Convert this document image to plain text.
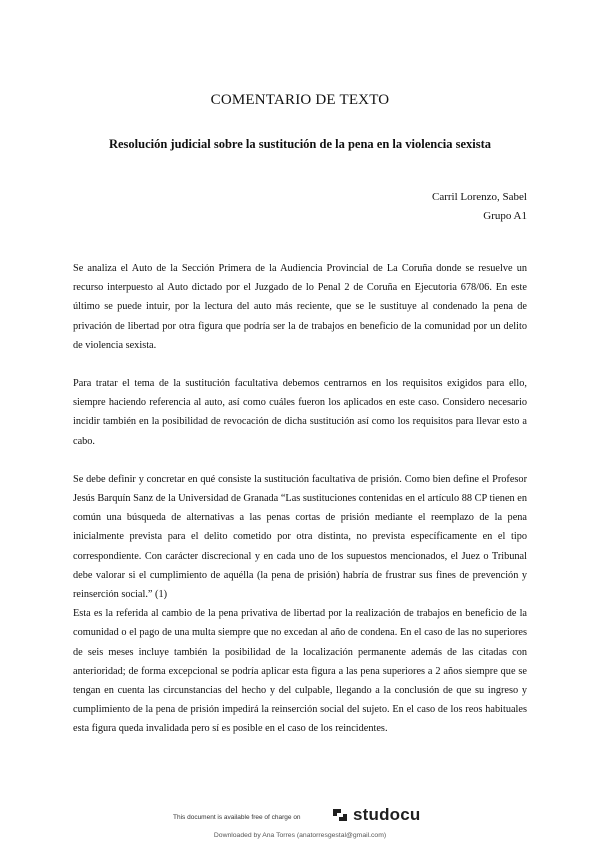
COMENTARIO DE TEXTO
Resolución judicial sobre la sustitución de la pena en la violencia sexista
Carril Lorenzo, Sabel
Grupo A1

Se analiza el Auto de la Sección Primera de la Audiencia Provincial de La Coruña donde se resuelve un recurso interpuesto al Auto dictado por el Juzgado de lo Penal 2 de Coruña en Ejecutoria 678/06. En este último se puede intuir, por la lectura del auto más reciente, que se le sustituye al condenado la pena de privación de libertad por otra figura que podría ser la de trabajos en beneficio de la comunidad por un delito de violencia sexista.

Para tratar el tema de la sustitución facultativa debemos centrarnos en los requisitos exigidos para ello, siempre haciendo referencia al auto, así como cuáles fueron los aplicados en este caso. Considero necesario incidir también en la posibilidad de revocación de dicha sustitución así como los requisitos para llevar esto a cabo.

Se debe definir y concretar en qué consiste la sustitución facultativa de prisión. Como bien define el Profesor Jesús Barquín Sanz de la Universidad de Granada “Las sustituciones contenidas en el artículo 88 CP tienen en común una búsqueda de alternativas a las penas cortas de prisión mediante el reemplazo de la pena inicialmente prevista para el delito cometido por otra distinta, no prevista específicamente en el tipo correspondiente. Con carácter discrecional y en cada uno de los supuestos mencionados, el Juez o Tribunal debe valorar si el cumplimiento de aquélla (la pena de prisión) habría de frustrar sus fines de prevención y reinserción social.” (1)

Esta es la referida al cambio de la pena privativa de libertad por la realización de trabajos en beneficio de la comunidad o el pago de una multa siempre que no excedan al año de condena. En el caso de las no superiores de seis meses incluye también la posibilidad de la localización permanente además de las citadas con anterioridad; de forma excepcional se podría aplicar esta figura a las pena superiores a 2 años siempre que se tengan en cuenta las circunstancias del hecho y del culpable, llegando a la conclusión de que su ingreso y cumplimiento de la pena de prisión impedirá la reinserción social del sujeto. En el caso de los reos habituales esta figura queda invalidada pero sí es posible en el caso de los reincidentes.

This document is available free of charge on	studocu
Downloaded by Ana Torres (anatorresgestal@gmail.com)
